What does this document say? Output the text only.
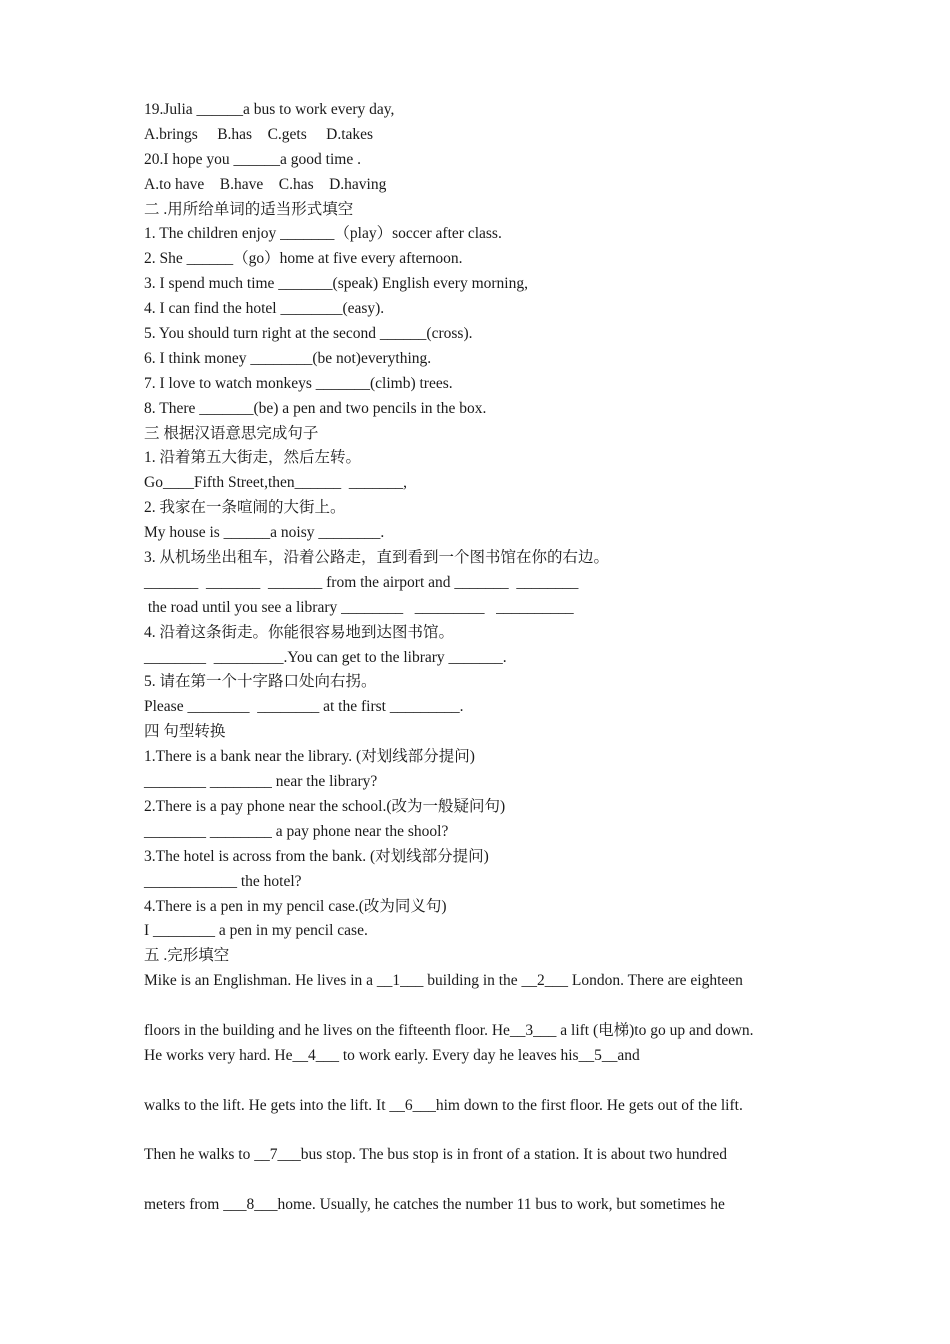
19.Julia ______a bus to work every day,
A.brings     B.has    C.gets     D.takes
20.I hope you ______a good time .
A.to have    B.have    C.has    D.having
二 .用所给单词的适当形式填空
1. The children enjoy _______（play）soccer after class.
2. She ______（go）home at five every afternoon.
3. I spend much time _______(speak) English every morning,
4. I can find the hotel ________(easy).
5. You should turn right at the second ______(cross).
6. I think money ________(be not)everything.
7. I love to watch monkeys _______(climb) trees.
8. There _______(be) a pen and two pencils in the box.
三 根据汉语意思完成句子
1. 沿着第五大街走，然后左转。
Go____Fifth Street,then______  _______,
2. 我家在一条喧闹的大街上。
My house is ______a noisy ________.
3. 从机场坐出租车，沿着公路走，直到看到一个图书馆在你的右边。
_______  _______  _______ from the airport and _______  ________
the road until you see a library ________   _________   __________
4. 沿着这条街走。你能很容易地到达图书馆。
________  _________.You can get to the library _______.
5. 请在第一个十字路口处向右拐。
Please ________  ________ at the first _________.
四 句型转换
1.There is a bank near the library. (对划线部分提问)
________ ________ near the library?
2.There is a pay phone near the school.(改为一般疑问句)
________ ________ a pay phone near the shool?
3.The hotel is across from the bank. (对划线部分提问)
____________ the hotel?
4.There is a pen in my pencil case.(改为同义句)
I ________ a pen in my pencil case.
五 .完形填空
Mike is an Englishman. He lives in a __1___ building in the __2___ London. There are eighteen
floors in the building and he lives on the fifteenth floor. He__3___ a lift (电梯)to go up and down.
He works very hard. He__4___ to work early. Every day he leaves his__5__and
walks to the lift. He gets into the lift. It __6___him down to the first floor. He gets out of the lift.
Then he walks to __7___bus stop. The bus stop is in front of a station. It is about two hundred
meters from ___8___home. Usually, he catches the number 11 bus to work, but sometimes he
